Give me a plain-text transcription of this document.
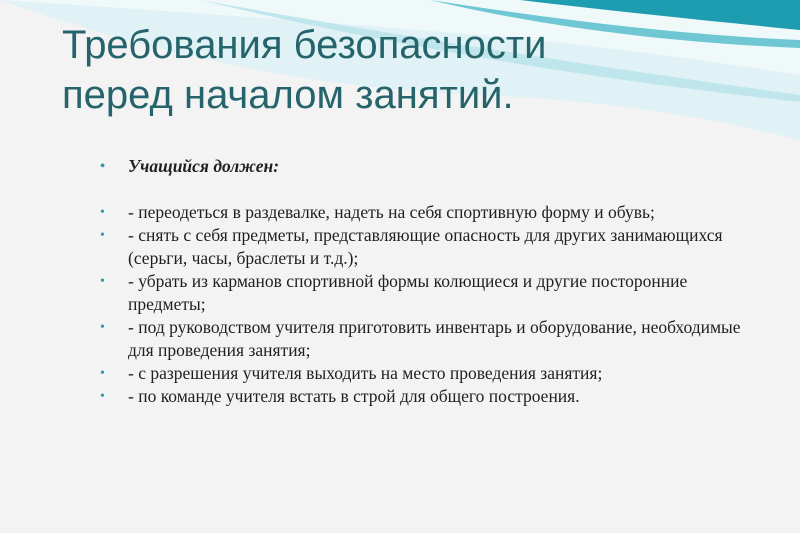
Требования безопасности
перед началом занятий.
• Учащийся должен:
• - переодеться в раздевалке, надеть на себя спортивную форму и обувь;
• - снять с себя предметы, представляющие опасность для других занимающихся (серьги, часы, браслеты и т.д.);
• - убрать из карманов спортивной формы колющиеся и другие посторонние предметы;
• - под руководством учителя приготовить инвентарь и оборудование, необходимые для проведения занятия;
• - с разрешения учителя выходить на место проведения занятия;
• - по команде учителя встать в строй для общего построения.
